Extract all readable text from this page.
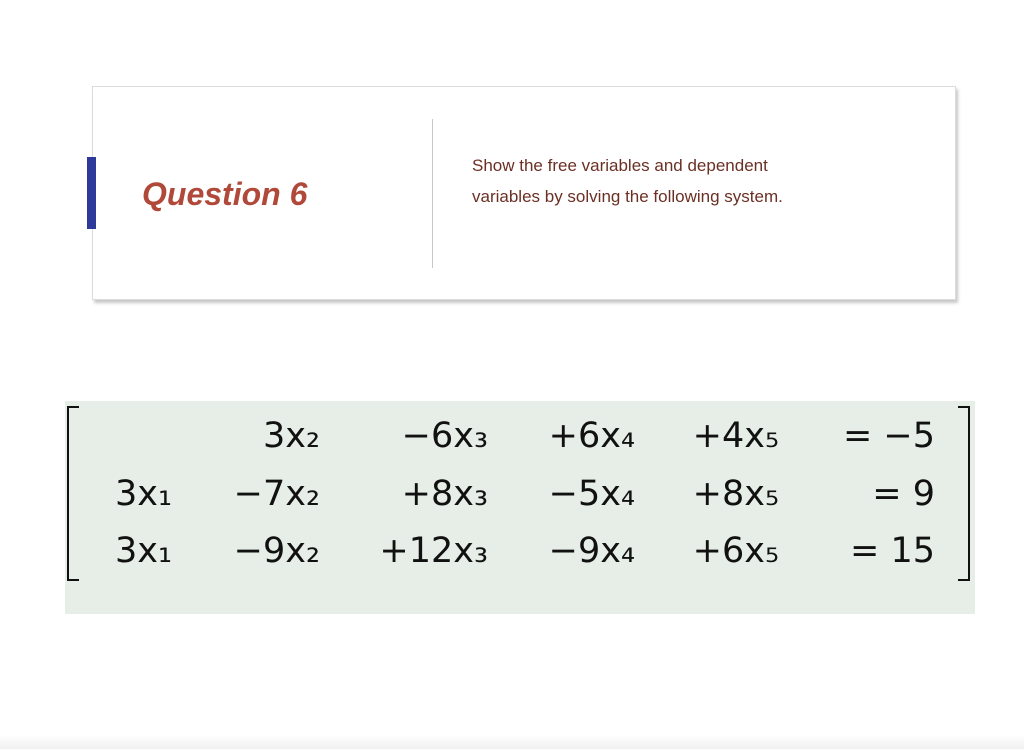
Question 6
Show the free variables and dependent
variables by solving the following system.
3x₂ −6x₃ +6x₄ +4x₅ = −5
3x₁ −7x₂ +8x₃ −5x₄ +8x₅	= 9
3x₁ −9x₂ +12x₃ −9x₄ +6x₅ = 15
